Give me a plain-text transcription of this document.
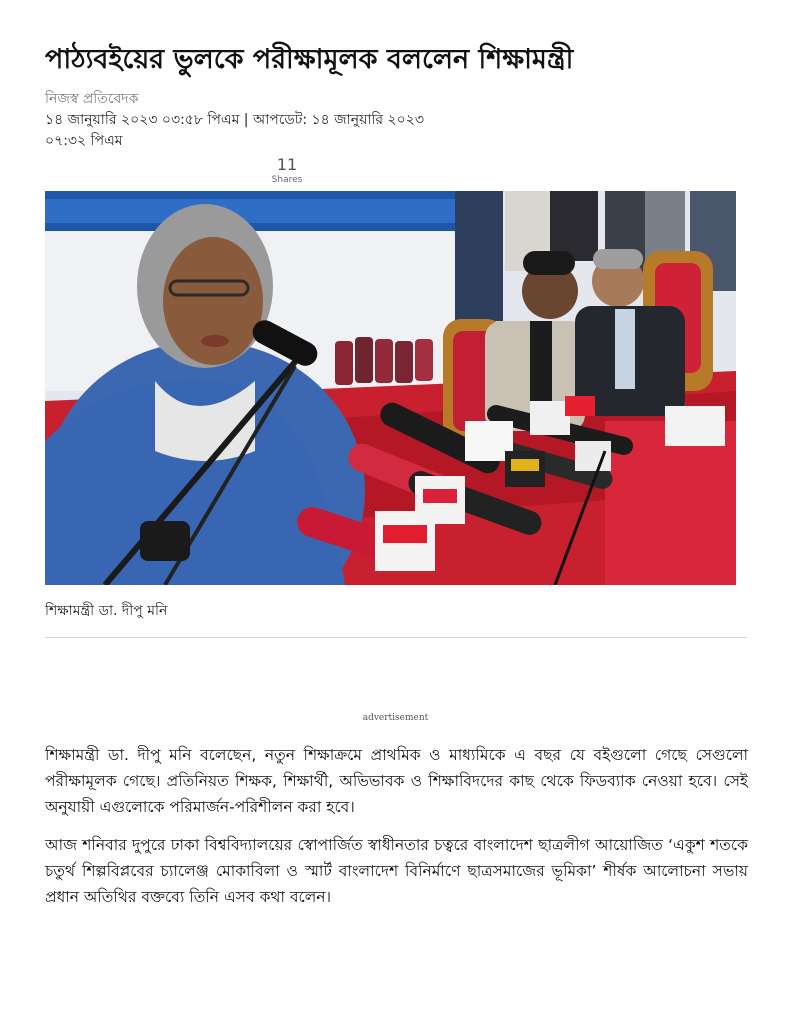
পাঠ্যবইয়ের ভুলকে পরীক্ষামূলক বললেন শিক্ষামন্ত্রী
নিজস্ব প্রতিবেদক
১৪ জানুয়ারি ২০২৩ ০৩:৫৮ পিএম | আপডেট: ১৪ জানুয়ারি ২০২৩ ০৭:৩২ পিএম
11
Shares
শিক্ষামন্ত্রী ডা. দীপু মনি
advertisement

শিক্ষামন্ত্রী ডা. দীপু মনি বলেছেন, নতুন শিক্ষাক্রমে প্রাথমিক ও মাধ্যমিকে এ বছর যে বইগুলো গেছে সেগুলো পরীক্ষামূলক গেছে। প্রতিনিয়ত শিক্ষক, শিক্ষার্থী, অভিভাবক ও শিক্ষাবিদদের কাছ থেকে ফিডব্যাক নেওয়া হবে। সেই অনুযায়ী এগুলোকে পরিমার্জন-পরিশীলন করা হবে।

আজ শনিবার দুপুরে ঢাকা বিশ্ববিদ্যালয়ের স্বোপার্জিত স্বাধীনতার চত্বরে বাংলাদেশ ছাত্রলীগ আয়োজিত ‘একুশ শতকে চতুর্থ শিল্পবিপ্লবের চ্যালেঞ্জ মোকাবিলা ও স্মার্ট বাংলাদেশ বিনির্মাণে ছাত্রসমাজের ভূমিকা’ শীর্ষক আলোচনা সভায় প্রধান অতিথির বক্তব্যে তিনি এসব কথা বলেন।
